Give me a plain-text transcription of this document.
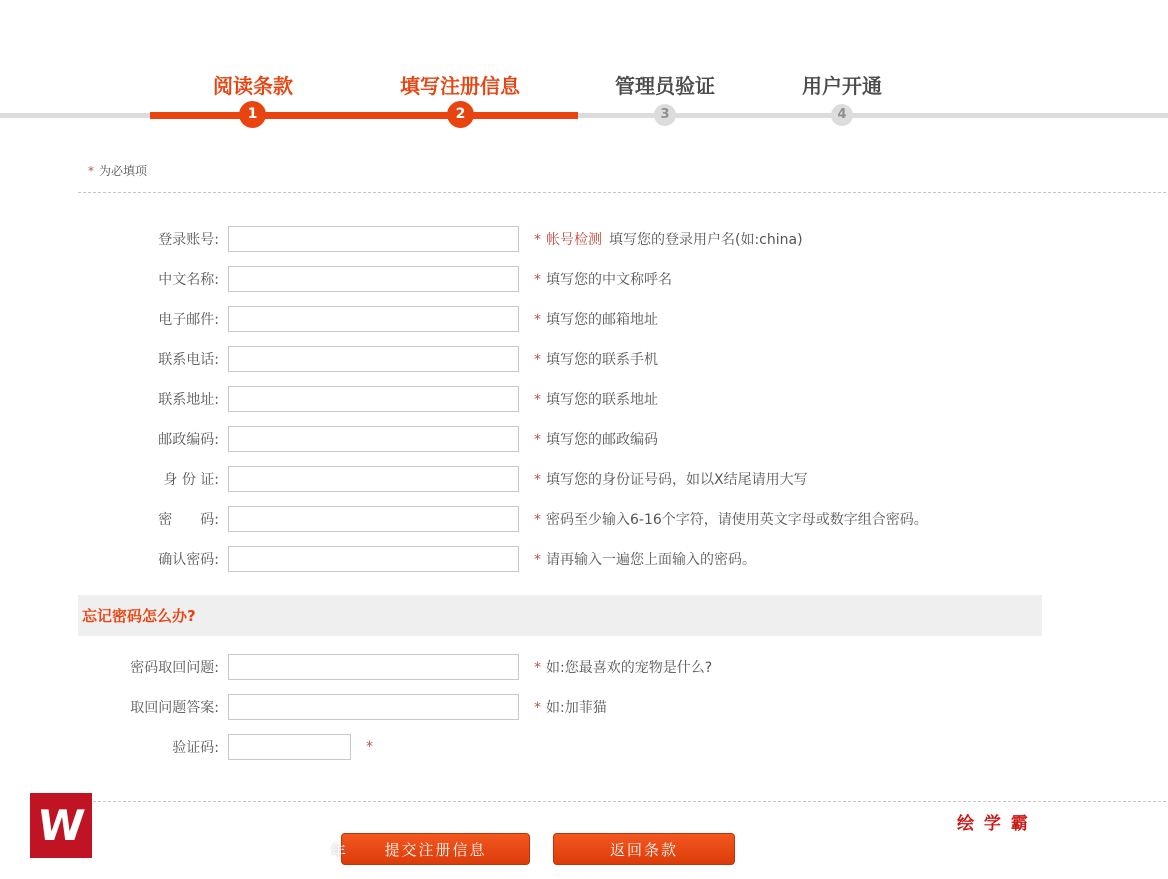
阅读条款	填写注册信息	管理员验证	用户开通
1	2	3	4
* 为必填项
登录账号:	* 帐号检测 填写您的登录用户名(如:china)
中文名称:	* 填写您的中文称呼名
电子邮件:	* 填写您的邮箱地址
联系电话:	* 填写您的联系手机
联系地址:	* 填写您的联系地址
邮政编码:	* 填写您的邮政编码
身 份 证:	* 填写您的身份证号码，如以X结尾请用大写
密　　码:	* 密码至少输入6-16个字符，请使用英文字母或数字组合密码。
确认密码:	* 请再输入一遍您上面输入的密码。
忘记密码怎么办?
密码取回问题:	* 如:您最喜欢的宠物是什么?
取回问题答案:	* 如:加菲猫
验证码:	*
W
年	提交注册信息	返回条款
绘 学 霸
